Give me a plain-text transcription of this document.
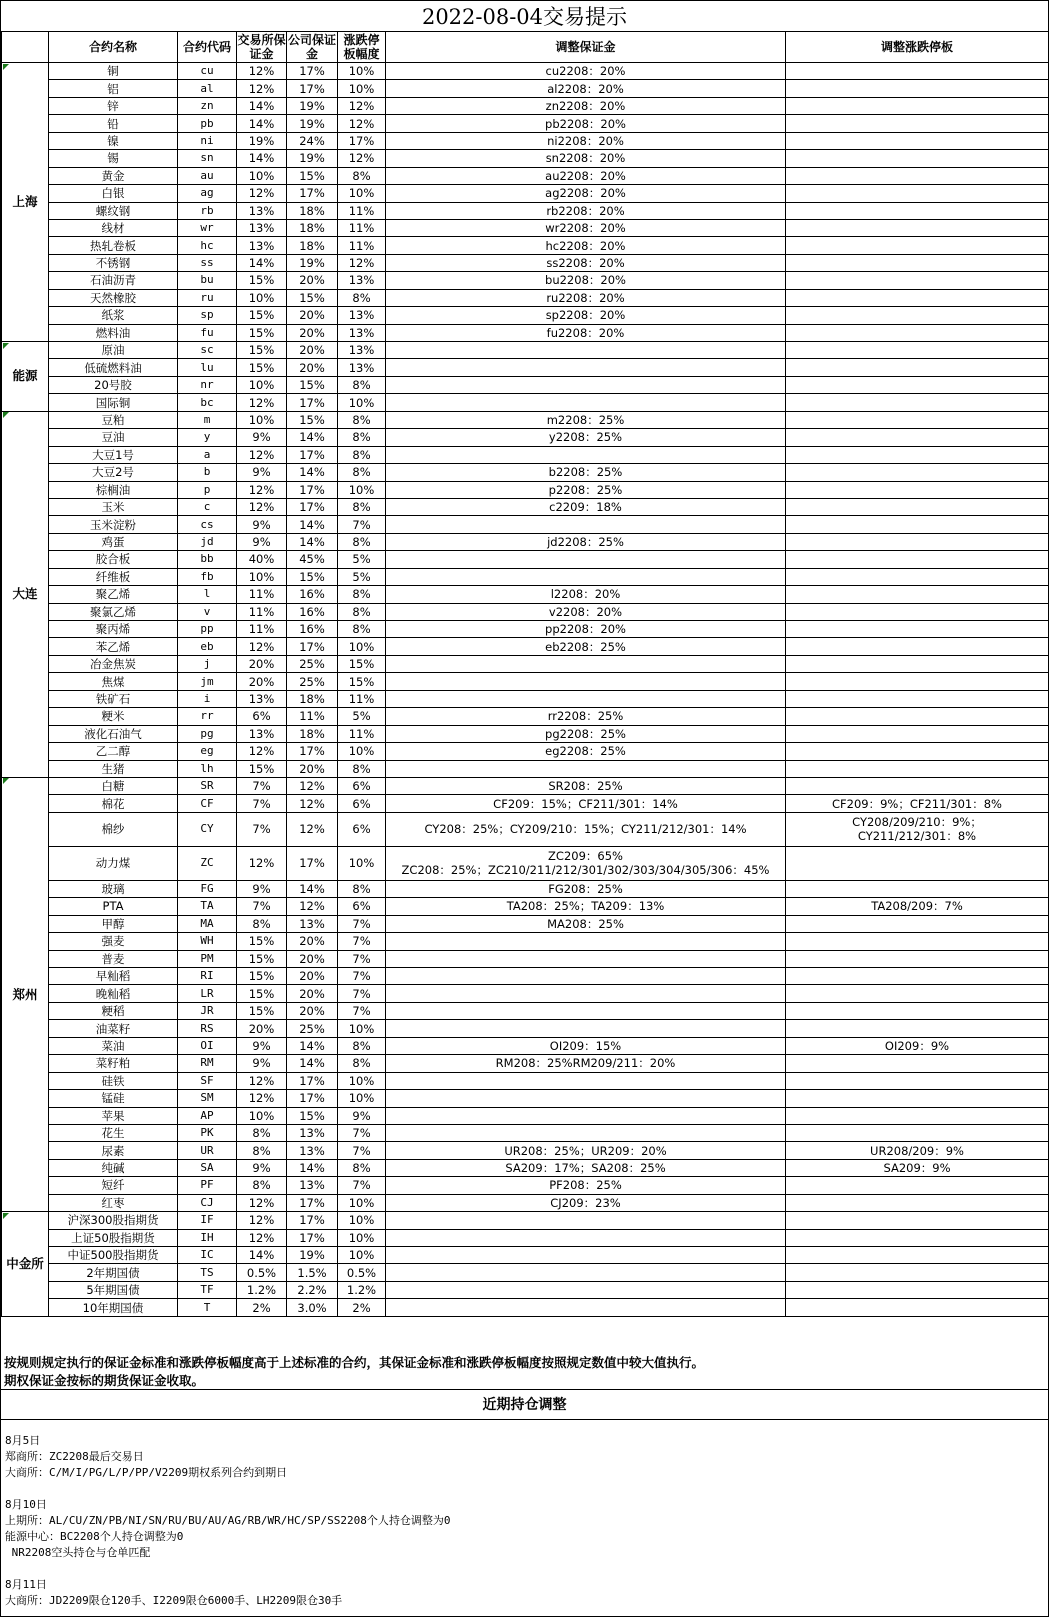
2022-08-04交易提示
	合约名称	合约代码	交易所保证金	公司保证金	涨跌停板幅度	调整保证金	调整涨跌停板
上海	铜	cu	12%	17%	10%	cu2208：20%	
	铝	al	12%	17%	10%	al2208：20%	
	锌	zn	14%	19%	12%	zn2208：20%	
	铅	pb	14%	19%	12%	pb2208：20%	
	镍	ni	19%	24%	17%	ni2208：20%	
	锡	sn	14%	19%	12%	sn2208：20%	
	黄金	au	10%	15%	8%	au2208：20%	
	白银	ag	12%	17%	10%	ag2208：20%	
	螺纹钢	rb	13%	18%	11%	rb2208：20%	
	线材	wr	13%	18%	11%	wr2208：20%	
	热轧卷板	hc	13%	18%	11%	hc2208：20%	
	不锈钢	ss	14%	19%	12%	ss2208：20%	
	石油沥青	bu	15%	20%	13%	bu2208：20%	
	天然橡胶	ru	10%	15%	8%	ru2208：20%	
	纸浆	sp	15%	20%	13%	sp2208：20%	
	燃料油	fu	15%	20%	13%	fu2208：20%	
能源	原油	sc	15%	20%	13%		
	低硫燃料油	lu	15%	20%	13%		
	20号胶	nr	10%	15%	8%		
	国际铜	bc	12%	17%	10%		
大连	豆粕	m	10%	15%	8%	m2208：25%	
	豆油	y	9%	14%	8%	y2208：25%	
	大豆1号	a	12%	17%	8%		
	大豆2号	b	9%	14%	8%	b2208：25%	
	棕榈油	p	12%	17%	10%	p2208：25%	
	玉米	c	12%	17%	8%	c2209：18%	
	玉米淀粉	cs	9%	14%	7%		
	鸡蛋	jd	9%	14%	8%	jd2208：25%	
	胶合板	bb	40%	45%	5%		
	纤维板	fb	10%	15%	5%		
	聚乙烯	l	11%	16%	8%	l2208：20%	
	聚氯乙烯	v	11%	16%	8%	v2208：20%	
	聚丙烯	pp	11%	16%	8%	pp2208：20%	
	苯乙烯	eb	12%	17%	10%	eb2208：25%	
	冶金焦炭	j	20%	25%	15%		
	焦煤	jm	20%	25%	15%		
	铁矿石	i	13%	18%	11%		
	粳米	rr	6%	11%	5%	rr2208：25%	
	液化石油气	pg	13%	18%	11%	pg2208：25%	
	乙二醇	eg	12%	17%	10%	eg2208：25%	
	生猪	lh	15%	20%	8%		
郑州	白糖	SR	7%	12%	6%	SR208：25%	
	棉花	CF	7%	12%	6%	CF209：15%；CF211/301：14%	CF209：9%；CF211/301：8%
	棉纱	CY	7%	12%	6%	CY208：25%；CY209/210：15%；CY211/212/301：14%	CY208/209/210：9%；
CY211/212/301：8%
	动力煤	ZC	12%	17%	10%	ZC209：65%
ZC208：25%；ZC210/211/212/301/302/303/304/305/306：45%	
	玻璃	FG	9%	14%	8%	FG208：25%	
	PTA	TA	7%	12%	6%	TA208：25%；TA209：13%	TA208/209：7%
	甲醇	MA	8%	13%	7%	MA208：25%	
	强麦	WH	15%	20%	7%		
	普麦	PM	15%	20%	7%		
	早籼稻	RI	15%	20%	7%		
	晚籼稻	LR	15%	20%	7%		
	粳稻	JR	15%	20%	7%		
	油菜籽	RS	20%	25%	10%		
	菜油	OI	9%	14%	8%	OI209：15%	OI209：9%
	菜籽粕	RM	9%	14%	8%	RM208：25%RM209/211：20%	
	硅铁	SF	12%	17%	10%		
	锰硅	SM	12%	17%	10%		
	苹果	AP	10%	15%	9%		
	花生	PK	8%	13%	7%		
	尿素	UR	8%	13%	7%	UR208：25%；UR209：20%	UR208/209：9%
	纯碱	SA	9%	14%	8%	SA209：17%；SA208：25%	SA209：9%
	短纤	PF	8%	13%	7%	PF208：25%	
	红枣	CJ	12%	17%	10%	CJ209：23%	
中金所	沪深300股指期货	IF	12%	17%	10%		
	上证50股指期货	IH	12%	17%	10%		
	中证500股指期货	IC	14%	19%	10%		
	2年期国债	TS	0.5%	1.5%	0.5%		
	5年期国债	TF	1.2%	2.2%	1.2%		
	10年期国债	T	2%	3.0%	2%		
按规则规定执行的保证金标准和涨跌停板幅度高于上述标准的合约，其保证金标准和涨跌停板幅度按照规定数值中较大值执行。
期权保证金按标的期货保证金收取。
近期持仓调整
8月5日
郑商所：ZC2208最后交易日
大商所：C/M/I/PG/L/P/PP/V2209期权系列合约到期日
8月10日
上期所：AL/CU/ZN/PB/NI/SN/RU/BU/AU/AG/RB/WR/HC/SP/SS2208个人持仓调整为0
能源中心：BC2208个人持仓调整为0
NR2208空头持仓与仓单匹配
8月11日
大商所：JD2209限仓120手、I2209限仓6000手、LH2209限仓30手
